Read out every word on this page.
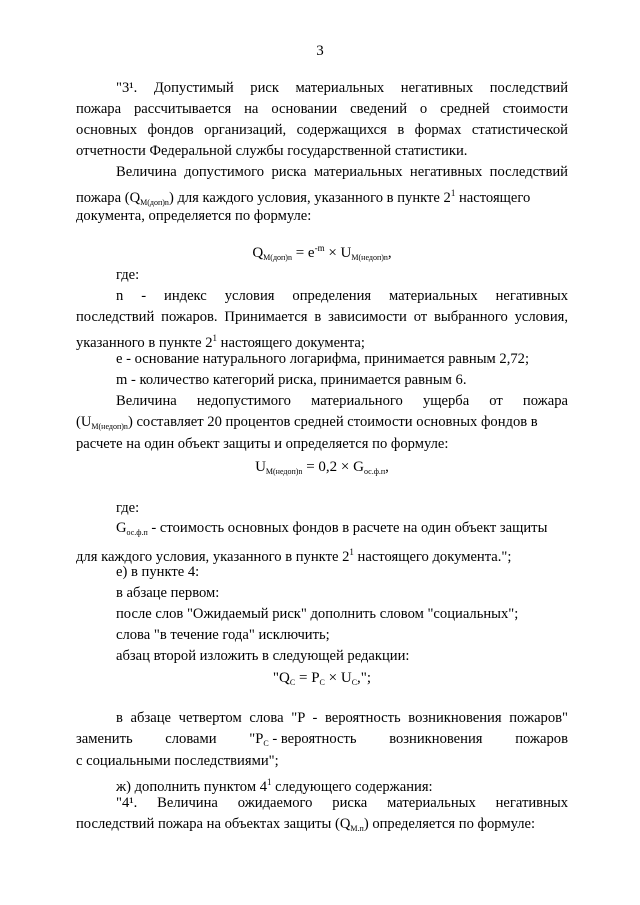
3
"3¹. Допустимый риск материальных негативных последствий
пожара рассчитывается на основании сведений о средней стоимости
основных фондов организаций, содержащихся в формах статистической
отчетности Федеральной службы государственной статистики.
Величина допустимого риска материальных негативных последствий
пожара $(Q_{М(доп)n})$ для каждого условия, указанного в пункте $2^1$ настоящего
документа, определяется по формуле:
$Q_{М(доп)n} = e^{-m} \times U_{М(недоп)n}$,
где:
n - индекс условия определения материальных негативных
последствий пожаров. Принимается в зависимости от выбранного условия,
указанного в пункте $2^1$ настоящего документа;
e - основание натурального логарифма, принимается равным 2,72;
m - количество категорий риска, принимается равным 6.
Величина недопустимого материального ущерба от пожара
$(U_{М(недоп)n})$ составляет 20 процентов средней стоимости основных фондов в
расчете на один объект защиты и определяется по формуле:
$U_{М(недоп)n} = 0,2 \times G_{ос.ф.п}$,
где:
$G_{ос.ф.п}$ - стоимость основных фондов в расчете на один объект защиты
для каждого условия, указанного в пункте $2^1$ настоящего документа.";
е) в пункте 4:
в абзаце первом:
после слов "Ожидаемый риск" дополнить словом "социальных";
слова "в течение года" исключить;
абзац второй изложить в следующей редакции:
"$Q_C = P_C \times U_C$,";
в абзаце четвертом слова "P - вероятность возникновения пожаров"
заменить словами "$P_C$ - вероятность возникновения пожаров
с социальными последствиями";
ж) дополнить пунктом $4^1$ следующего содержания:
"4¹. Величина ожидаемого риска материальных негативных
последствий пожара на объектах защиты $(Q_{М.п})$ определяется по формуле:
